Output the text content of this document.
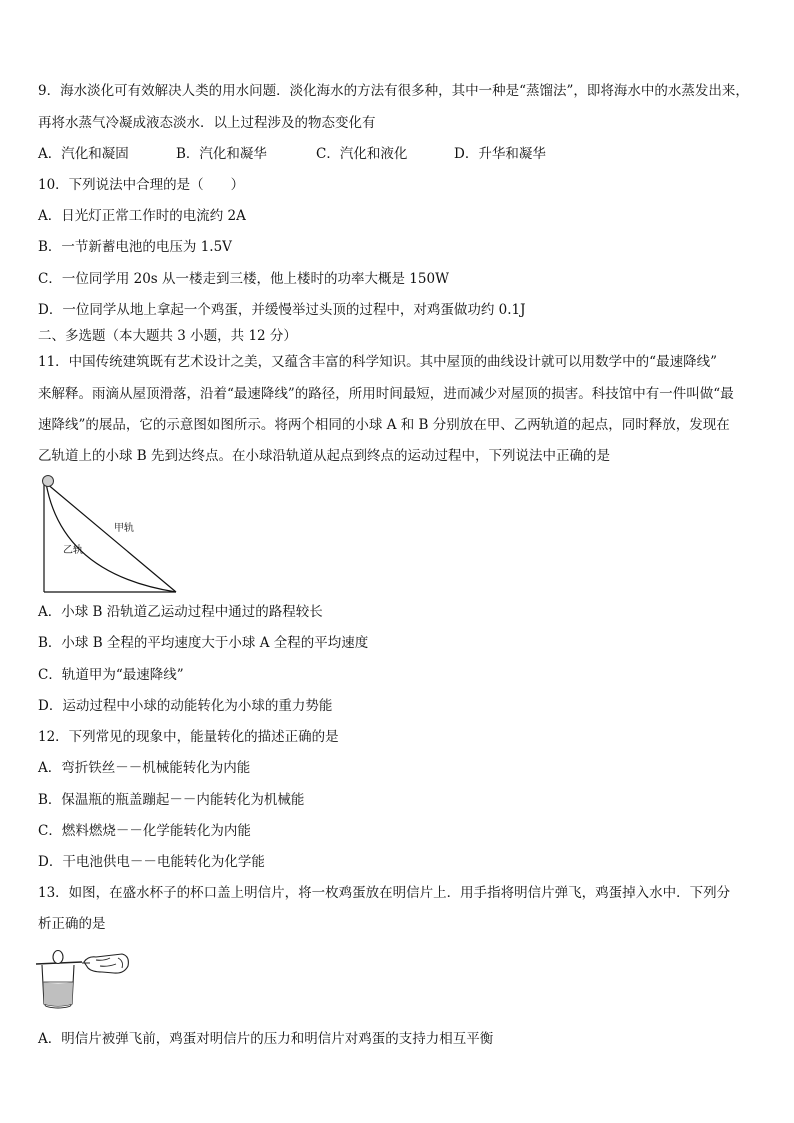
9．海水淡化可有效解决人类的用水问题．淡化海水的方法有很多种，其中一种是“蒸馏法”，即将海水中的水蒸发出来，
再将水蒸气冷凝成液态淡水．以上过程涉及的物态变化有
A．汽化和凝固	B．汽化和凝华	C．汽化和液化	D．升华和凝华
10．下列说法中合理的是（　　）
A．日光灯正常工作时的电流约 2A
B．一节新蓄电池的电压为 1.5V
C．一位同学用 20s 从一楼走到三楼，他上楼时的功率大概是 150W
D．一位同学从地上拿起一个鸡蛋，并缓慢举过头顶的过程中，对鸡蛋做功约 0.1J
二、多选题（本大题共 3 小题，共 12 分）
11．中国传统建筑既有艺术设计之美，又蕴含丰富的科学知识。其中屋顶的曲线设计就可以用数学中的“最速降线”
来解释。雨滴从屋顶滑落，沿着“最速降线”的路径，所用时间最短，进而减少对屋顶的损害。科技馆中有一件叫做“最
速降线”的展品，它的示意图如图所示。将两个相同的小球 A 和 B 分别放在甲、乙两轨道的起点，同时释放，发现在
乙轨道上的小球 B 先到达终点。在小球沿轨道从起点到终点的运动过程中，下列说法中正确的是
甲轨
乙轨
A．小球 B 沿轨道乙运动过程中通过的路程较长
B．小球 B 全程的平均速度大于小球 A 全程的平均速度
C．轨道甲为“最速降线”
D．运动过程中小球的动能转化为小球的重力势能
12．下列常见的现象中，能量转化的描述正确的是
A．弯折铁丝－－机械能转化为内能
B．保温瓶的瓶盖蹦起－－内能转化为机械能
C．燃料燃烧－－化学能转化为内能
D．干电池供电－－电能转化为化学能
13．如图，在盛水杯子的杯口盖上明信片，将一枚鸡蛋放在明信片上．用手指将明信片弹飞，鸡蛋掉入水中．下列分
析正确的是
A．明信片被弹飞前，鸡蛋对明信片的压力和明信片对鸡蛋的支持力相互平衡
